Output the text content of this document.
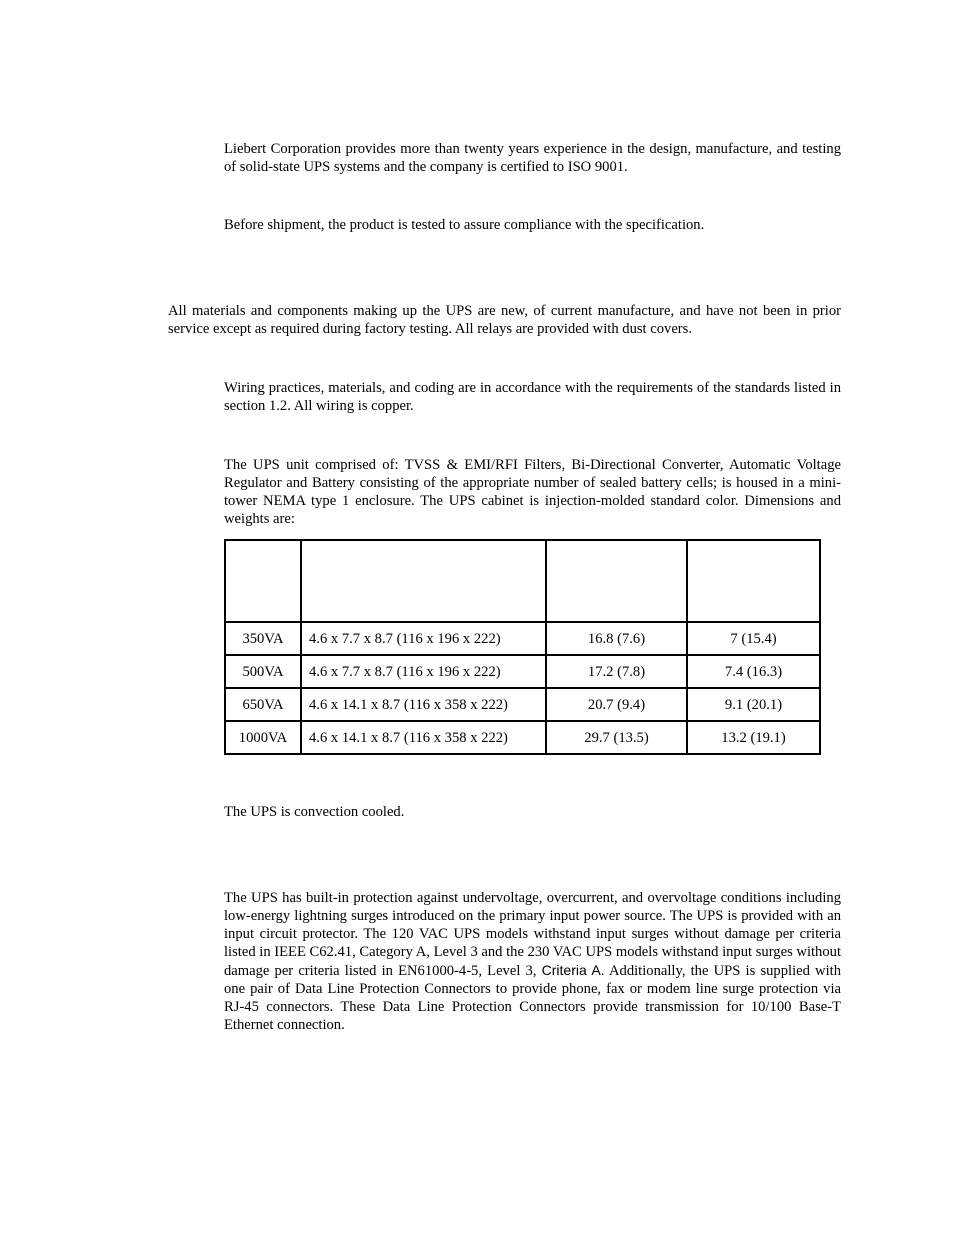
Liebert Corporation provides more than twenty years experience in the design, manufacture, and testing of solid-state UPS systems and the company is certified to ISO 9001.

Before shipment, the product is tested to assure compliance with the specification.

All materials and components making up the UPS are new, of current manufacture, and have not been in prior service except as required during factory testing. All relays are provided with dust covers.

Wiring practices, materials, and coding are in accordance with the requirements of the standards listed in section 1.2. All wiring is copper.

The UPS unit comprised of: TVSS & EMI/RFI Filters, Bi-Directional Converter, Automatic Voltage Regulator and Battery consisting of the appropriate number of sealed battery cells; is housed in a mini-tower NEMA type 1 enclosure. The UPS cabinet is injection-molded standard color. Dimensions and weights are:

350VA	4.6 x 7.7 x 8.7 (116 x 196 x 222)	16.8 (7.6)	7 (15.4)
500VA	4.6 x 7.7 x 8.7 (116 x 196 x 222)	17.2 (7.8)	7.4 (16.3)
650VA	4.6 x 14.1 x 8.7 (116 x 358 x 222)	20.7 (9.4)	9.1 (20.1)
1000VA	4.6 x 14.1 x 8.7 (116 x 358 x 222)	29.7 (13.5)	13.2 (19.1)

The UPS is convection cooled.

The UPS has built-in protection against undervoltage, overcurrent, and overvoltage conditions including low-energy lightning surges introduced on the primary input power source. The UPS is provided with an input circuit protector. The 120 VAC UPS models withstand input surges without damage per criteria listed in IEEE C62.41, Category A, Level 3 and the 230 VAC UPS models withstand input surges without damage per criteria listed in EN61000-4-5, Level 3, Criteria A. Additionally, the UPS is supplied with one pair of Data Line Protection Connectors to provide phone, fax or modem line surge protection via RJ-45 connectors. These Data Line Protection Connectors provide transmission for 10/100 Base-T Ethernet connection.
